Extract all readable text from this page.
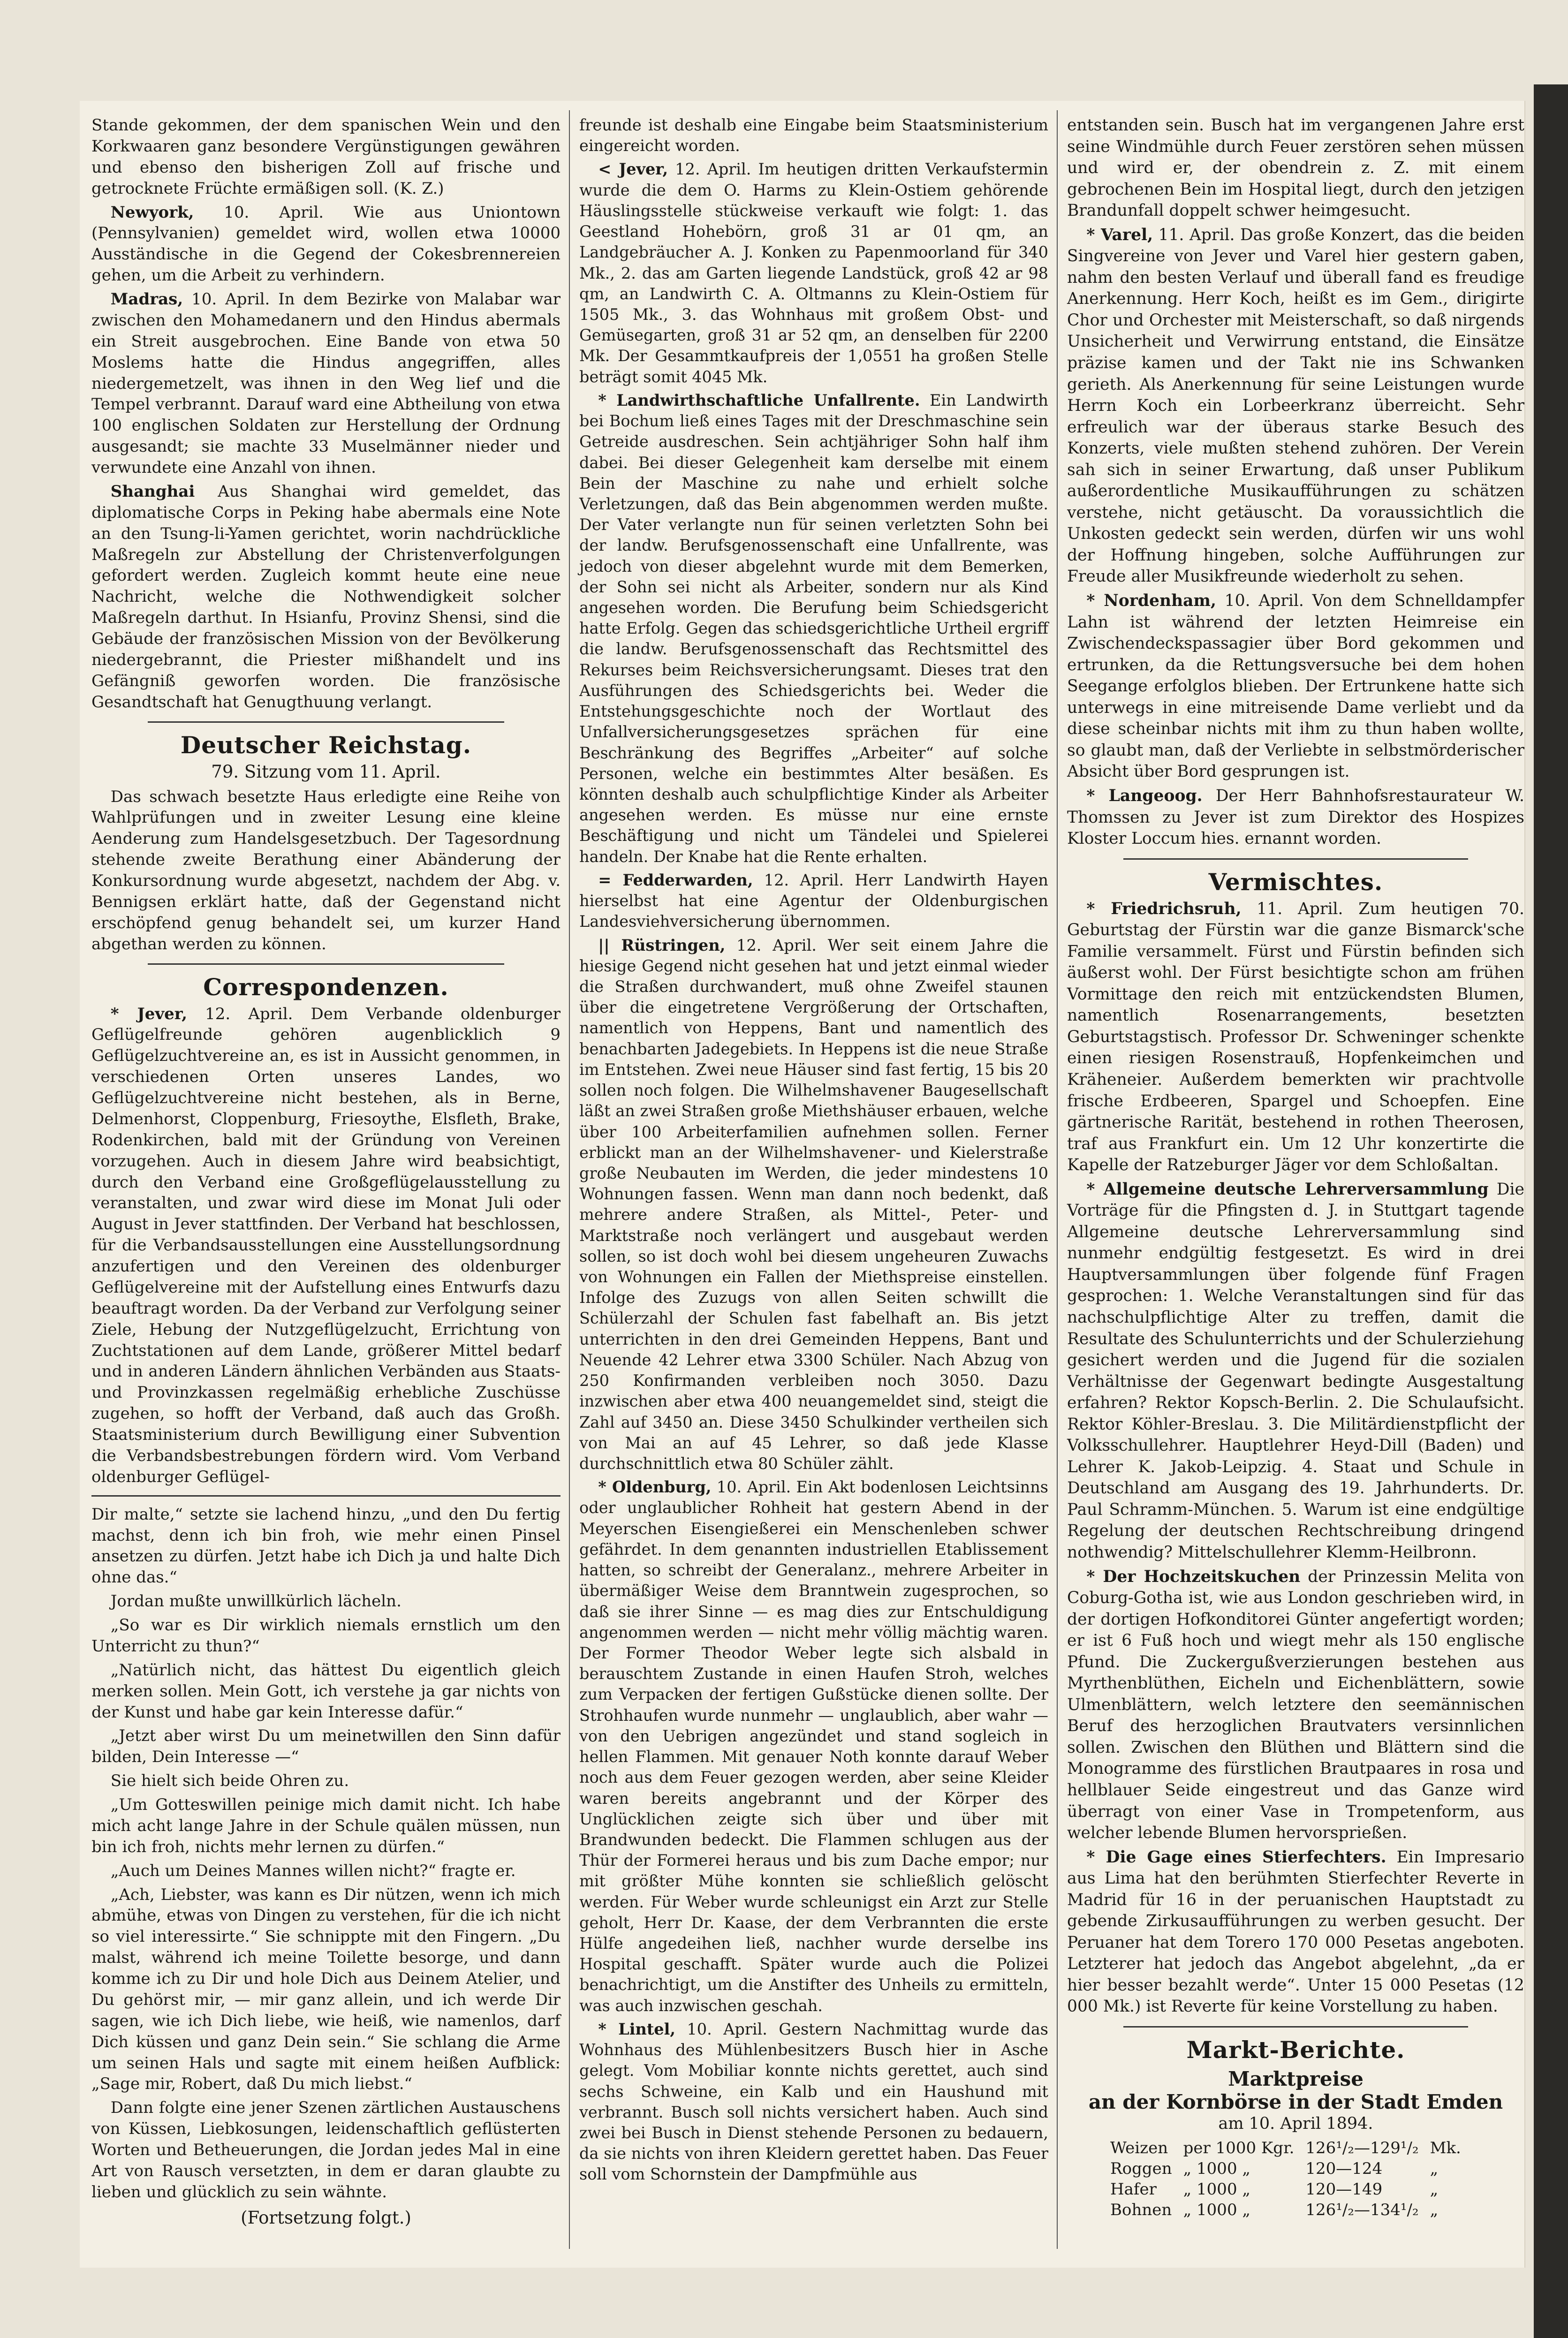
Stande gekommen, der dem spanischen Wein und den Korkwaaren ganz besondere Vergünstigungen gewähren und ebenso den bisherigen Zoll auf frische und getrocknete Früchte ermäßigen soll. (K. Z.)

Newyork, 10. April. Wie aus Uniontown (Pennsylvanien) gemeldet wird, wollen etwa 10000 Ausständische in die Gegend der Cokesbrennereien gehen, um die Arbeit zu verhindern.

Madras, 10. April. In dem Bezirke von Malabar war zwischen den Mohamedanern und den Hindus abermals ein Streit ausgebrochen. Eine Bande von etwa 50 Moslems hatte die Hindus angegriffen, alles niedergemetzelt, was ihnen in den Weg lief und die Tempel verbrannt. Darauf ward eine Abtheilung von etwa 100 englischen Soldaten zur Herstellung der Ordnung ausgesandt; sie machte 33 Muselmänner nieder und verwundete eine Anzahl von ihnen.

Shanghai Aus Shanghai wird gemeldet, das diplomatische Corps in Peking habe abermals eine Note an den Tsung-li-Yamen gerichtet, worin nachdrückliche Maßregeln zur Abstellung der Christenverfolgungen gefordert werden. Zugleich kommt heute eine neue Nachricht, welche die Nothwendigkeit solcher Maßregeln darthut. In Hsianfu, Provinz Shensi, sind die Gebäude der französischen Mission von der Bevölkerung niedergebrannt, die Priester mißhandelt und ins Gefängniß geworfen worden. Die französische Gesandtschaft hat Genugthuung verlangt.

Deutscher Reichstag.
79. Sitzung vom 11. April.

Das schwach besetzte Haus erledigte eine Reihe von Wahlprüfungen und in zweiter Lesung eine kleine Aenderung zum Handelsgesetzbuch. Der Tagesordnung stehende zweite Berathung einer Abänderung der Konkursordnung wurde abgesetzt, nachdem der Abg. v. Bennigsen erklärt hatte, daß der Gegenstand nicht erschöpfend genug behandelt sei, um kurzer Hand abgethan werden zu können.

Correspondenzen.

* Jever, 12. April. Dem Verbande oldenburger Geflügelfreunde gehören augenblicklich 9 Geflügelzuchtvereine an, es ist in Aussicht genommen, in verschiedenen Orten unseres Landes, wo Geflügelzuchtvereine nicht bestehen, als in Berne, Delmenhorst, Cloppenburg, Friesoythe, Elsfleth, Brake, Rodenkirchen, bald mit der Gründung von Vereinen vorzugehen. Auch in diesem Jahre wird beabsichtigt, durch den Verband eine Großgeflügelausstellung zu veranstalten, und zwar wird diese im Monat Juli oder August in Jever stattfinden. Der Verband hat beschlossen, für die Verbandsausstellungen eine Ausstellungsordnung anzufertigen und den Vereinen des oldenburger Geflügelvereine mit der Aufstellung eines Entwurfs dazu beauftragt worden. Da der Verband zur Verfolgung seiner Ziele, Hebung der Nutzgeflügelzucht, Errichtung von Zuchtstationen auf dem Lande, größerer Mittel bedarf und in anderen Ländern ähnlichen Verbänden aus Staats- und Provinzkassen regelmäßig erhebliche Zuschüsse zugehen, so hofft der Verband, daß auch das Großh. Staatsministerium durch Bewilligung einer Subvention die Verbandsbestrebungen fördern wird. Vom Verband oldenburger Geflügel-

Dir malte,“ setzte sie lachend hinzu, „und den Du fertig machst, denn ich bin froh, wie mehr einen Pinsel ansetzen zu dürfen. Jetzt habe ich Dich ja und halte Dich ohne das.“

Jordan mußte unwillkürlich lächeln.

„So war es Dir wirklich niemals ernstlich um den Unterricht zu thun?“

„Natürlich nicht, das hättest Du eigentlich gleich merken sollen. Mein Gott, ich verstehe ja gar nichts von der Kunst und habe gar kein Interesse dafür.“

„Jetzt aber wirst Du um meinetwillen den Sinn dafür bilden, Dein Interesse —“

Sie hielt sich beide Ohren zu.

„Um Gotteswillen peinige mich damit nicht. Ich habe mich acht lange Jahre in der Schule quälen müssen, nun bin ich froh, nichts mehr lernen zu dürfen.“

„Auch um Deines Mannes willen nicht?“ fragte er.

„Ach, Liebster, was kann es Dir nützen, wenn ich mich abmühe, etwas von Dingen zu verstehen, für die ich nicht so viel interessirte.“ Sie schnippte mit den Fingern. „Du malst, während ich meine Toilette besorge, und dann komme ich zu Dir und hole Dich aus Deinem Atelier, und Du gehörst mir, — mir ganz allein, und ich werde Dir sagen, wie ich Dich liebe, wie heiß, wie namenlos, darf Dich küssen und ganz Dein sein.“ Sie schlang die Arme um seinen Hals und sagte mit einem heißen Aufblick: „Sage mir, Robert, daß Du mich liebst.“

Dann folgte eine jener Szenen zärtlichen Austauschens von Küssen, Liebkosungen, leidenschaftlich geflüsterten Worten und Betheuerungen, die Jordan jedes Mal in eine Art von Rausch versetzten, in dem er daran glaubte zu lieben und glücklich zu sein wähnte.

(Fortsetzung folgt.)

freunde ist deshalb eine Eingabe beim Staatsministerium eingereicht worden.

< Jever, 12. April. Im heutigen dritten Verkaufstermin wurde die dem O. Harms zu Klein-Ostiem gehörende Häuslingsstelle stückweise verkauft wie folgt: 1. das Geestland Hohebörn, groß 31 ar 01 qm, an Landgebräucher A. J. Konken zu Papenmoorland für 340 Mk., 2. das am Garten liegende Landstück, groß 42 ar 98 qm, an Landwirth C. A. Oltmanns zu Klein-Ostiem für 1505 Mk., 3. das Wohnhaus mit großem Obst- und Gemüsegarten, groß 31 ar 52 qm, an denselben für 2200 Mk. Der Gesammtkaufpreis der 1,0551 ha großen Stelle beträgt somit 4045 Mk.

* Landwirthschaftliche Unfallrente. Ein Landwirth bei Bochum ließ eines Tages mit der Dreschmaschine sein Getreide ausdreschen. Sein achtjähriger Sohn half ihm dabei. Bei dieser Gelegenheit kam derselbe mit einem Bein der Maschine zu nahe und erhielt solche Verletzungen, daß das Bein abgenommen werden mußte. Der Vater verlangte nun für seinen verletzten Sohn bei der landw. Berufsgenossenschaft eine Unfallrente, was jedoch von dieser abgelehnt wurde mit dem Bemerken, der Sohn sei nicht als Arbeiter, sondern nur als Kind angesehen worden. Die Berufung beim Schiedsgericht hatte Erfolg. Gegen das schiedsgerichtliche Urtheil ergriff die landw. Berufsgenossenschaft das Rechtsmittel des Rekurses beim Reichsversicherungsamt. Dieses trat den Ausführungen des Schiedsgerichts bei. Weder die Entstehungsgeschichte noch der Wortlaut des Unfallversicherungsgesetzes sprächen für eine Beschränkung des Begriffes „Arbeiter“ auf solche Personen, welche ein bestimmtes Alter besäßen. Es könnten deshalb auch schulpflichtige Kinder als Arbeiter angesehen werden. Es müsse nur eine ernste Beschäftigung und nicht um Tändelei und Spielerei handeln. Der Knabe hat die Rente erhalten.

= Fedderwarden, 12. April. Herr Landwirth Hayen hierselbst hat eine Agentur der Oldenburgischen Landesviehversicherung übernommen.

|| Rüstringen, 12. April. Wer seit einem Jahre die hiesige Gegend nicht gesehen hat und jetzt einmal wieder die Straßen durchwandert, muß ohne Zweifel staunen über die eingetretene Vergrößerung der Ortschaften, namentlich von Heppens, Bant und namentlich des benachbarten Jadegebiets. In Heppens ist die neue Straße im Entstehen. Zwei neue Häuser sind fast fertig, 15 bis 20 sollen noch folgen. Die Wilhelmshavener Baugesellschaft läßt an zwei Straßen große Miethshäuser erbauen, welche über 100 Arbeiterfamilien aufnehmen sollen. Ferner erblickt man an der Wilhelmshavener- und Kielerstraße große Neubauten im Werden, die jeder mindestens 10 Wohnungen fassen. Wenn man dann noch bedenkt, daß mehrere andere Straßen, als Mittel-, Peter- und Marktstraße noch verlängert und ausgebaut werden sollen, so ist doch wohl bei diesem ungeheuren Zuwachs von Wohnungen ein Fallen der Miethspreise einstellen. Infolge des Zuzugs von allen Seiten schwillt die Schülerzahl der Schulen fast fabelhaft an. Bis jetzt unterrichten in den drei Gemeinden Heppens, Bant und Neuende 42 Lehrer etwa 3300 Schüler. Nach Abzug von 250 Konfirmanden verbleiben noch 3050. Dazu inzwischen aber etwa 400 neuangemeldet sind, steigt die Zahl auf 3450 an. Diese 3450 Schulkinder vertheilen sich von Mai an auf 45 Lehrer, so daß jede Klasse durchschnittlich etwa 80 Schüler zählt.

* Oldenburg, 10. April. Ein Akt bodenlosen Leichtsinns oder unglaublicher Rohheit hat gestern Abend in der Meyerschen Eisengießerei ein Menschenleben schwer gefährdet. In dem genannten industriellen Etablissement hatten, so schreibt der Generalanz., mehrere Arbeiter in übermäßiger Weise dem Branntwein zugesprochen, so daß sie ihrer Sinne — es mag dies zur Entschuldigung angenommen werden — nicht mehr völlig mächtig waren. Der Former Theodor Weber legte sich alsbald in berauschtem Zustande in einen Haufen Stroh, welches zum Verpacken der fertigen Gußstücke dienen sollte. Der Strohhaufen wurde nunmehr — unglaublich, aber wahr — von den Uebrigen angezündet und stand sogleich in hellen Flammen. Mit genauer Noth konnte darauf Weber noch aus dem Feuer gezogen werden, aber seine Kleider waren bereits angebrannt und der Körper des Unglücklichen zeigte sich über und über mit Brandwunden bedeckt. Die Flammen schlugen aus der Thür der Formerei heraus und bis zum Dache empor; nur mit größter Mühe konnten sie schließlich gelöscht werden. Für Weber wurde schleunigst ein Arzt zur Stelle geholt, Herr Dr. Kaase, der dem Verbrannten die erste Hülfe angedeihen ließ, nachher wurde derselbe ins Hospital geschafft. Später wurde auch die Polizei benachrichtigt, um die Anstifter des Unheils zu ermitteln, was auch inzwischen geschah.

* Lintel, 10. April. Gestern Nachmittag wurde das Wohnhaus des Mühlenbesitzers Busch hier in Asche gelegt. Vom Mobiliar konnte nichts gerettet, auch sind sechs Schweine, ein Kalb und ein Haushund mit verbrannt. Busch soll nichts versichert haben. Auch sind zwei bei Busch in Dienst stehende Personen zu bedauern, da sie nichts von ihren Kleidern gerettet haben. Das Feuer soll vom Schornstein der Dampfmühle aus

entstanden sein. Busch hat im vergangenen Jahre erst seine Windmühle durch Feuer zerstören sehen müssen und wird er, der obendrein z. Z. mit einem gebrochenen Bein im Hospital liegt, durch den jetzigen Brandunfall doppelt schwer heimgesucht.

* Varel, 11. April. Das große Konzert, das die beiden Singvereine von Jever und Varel hier gestern gaben, nahm den besten Verlauf und überall fand es freudige Anerkennung. Herr Koch, heißt es im Gem., dirigirte Chor und Orchester mit Meisterschaft, so daß nirgends Unsicherheit und Verwirrung entstand, die Einsätze präzise kamen und der Takt nie ins Schwanken gerieth. Als Anerkennung für seine Leistungen wurde Herrn Koch ein Lorbeerkranz überreicht. Sehr erfreulich war der überaus starke Besuch des Konzerts, viele mußten stehend zuhören. Der Verein sah sich in seiner Erwartung, daß unser Publikum außerordentliche Musikaufführungen zu schätzen verstehe, nicht getäuscht. Da voraussichtlich die Unkosten gedeckt sein werden, dürfen wir uns wohl der Hoffnung hingeben, solche Aufführungen zur Freude aller Musikfreunde wiederholt zu sehen.

* Nordenham, 10. April. Von dem Schnelldampfer Lahn ist während der letzten Heimreise ein Zwischendeckspassagier über Bord gekommen und ertrunken, da die Rettungsversuche bei dem hohen Seegange erfolglos blieben. Der Ertrunkene hatte sich unterwegs in eine mitreisende Dame verliebt und da diese scheinbar nichts mit ihm zu thun haben wollte, so glaubt man, daß der Verliebte in selbstmörderischer Absicht über Bord gesprungen ist.

* Langeoog. Der Herr Bahnhofsrestaurateur W. Thomssen zu Jever ist zum Direktor des Hospizes Kloster Loccum hies. ernannt worden.

Vermischtes.

* Friedrichsruh, 11. April. Zum heutigen 70. Geburtstag der Fürstin war die ganze Bismarck'sche Familie versammelt. Fürst und Fürstin befinden sich äußerst wohl. Der Fürst besichtigte schon am frühen Vormittage den reich mit entzückendsten Blumen, namentlich Rosenarrangements, besetzten Geburtstagstisch. Professor Dr. Schweninger schenkte einen riesigen Rosenstrauß, Hopfenkeimchen und Kräheneier. Außerdem bemerkten wir prachtvolle frische Erdbeeren, Spargel und Schoepfen. Eine gärtnerische Rarität, bestehend in rothen Theerosen, traf aus Frankfurt ein. Um 12 Uhr konzertirte die Kapelle der Ratzeburger Jäger vor dem Schloßaltan.

* Allgemeine deutsche Lehrerversammlung Die Vorträge für die Pfingsten d. J. in Stuttgart tagende Allgemeine deutsche Lehrerversammlung sind nunmehr endgültig festgesetzt. Es wird in drei Hauptversammlungen über folgende fünf Fragen gesprochen: 1. Welche Veranstaltungen sind für das nachschulpflichtige Alter zu treffen, damit die Resultate des Schulunterrichts und der Schulerziehung gesichert werden und die Jugend für die sozialen Verhältnisse der Gegenwart bedingte Ausgestaltung erfahren? Rektor Kopsch-Berlin. 2. Die Schulaufsicht. Rektor Köhler-Breslau. 3. Die Militärdienstpflicht der Volksschullehrer. Hauptlehrer Heyd-Dill (Baden) und Lehrer K. Jakob-Leipzig. 4. Staat und Schule in Deutschland am Ausgang des 19. Jahrhunderts. Dr. Paul Schramm-München. 5. Warum ist eine endgültige Regelung der deutschen Rechtschreibung dringend nothwendig? Mittelschullehrer Klemm-Heilbronn.

* Der Hochzeitskuchen der Prinzessin Melita von Coburg-Gotha ist, wie aus London geschrieben wird, in der dortigen Hofkonditorei Günter angefertigt worden; er ist 6 Fuß hoch und wiegt mehr als 150 englische Pfund. Die Zuckergußverzierungen bestehen aus Myrthenblüthen, Eicheln und Eichenblättern, sowie Ulmenblättern, welch letztere den seemännischen Beruf des herzoglichen Brautvaters versinnlichen sollen. Zwischen den Blüthen und Blättern sind die Monogramme des fürstlichen Brautpaares in rosa und hellblauer Seide eingestreut und das Ganze wird überragt von einer Vase in Trompetenform, aus welcher lebende Blumen hervorsprießen.

* Die Gage eines Stierfechters. Ein Impresario aus Lima hat den berühmten Stierfechter Reverte in Madrid für 16 in der peruanischen Hauptstadt zu gebende Zirkusaufführungen zu werben gesucht. Der Peruaner hat dem Torero 170 000 Pesetas angeboten. Letzterer hat jedoch das Angebot abgelehnt, „da er hier besser bezahlt werde“. Unter 15 000 Pesetas (12 000 Mk.) ist Reverte für keine Vorstellung zu haben.

Markt-Berichte.
Marktpreise
an der Kornbörse in der Stadt Emden
am 10. April 1894.
Weizen	per 1000 Kgr.	126¹/₂—129¹/₂	Mk.
Roggen	„ 1000 „	120—124	„
Hafer	„ 1000 „	120—149	„
Bohnen	„ 1000 „	126¹/₂—134¹/₂	„
